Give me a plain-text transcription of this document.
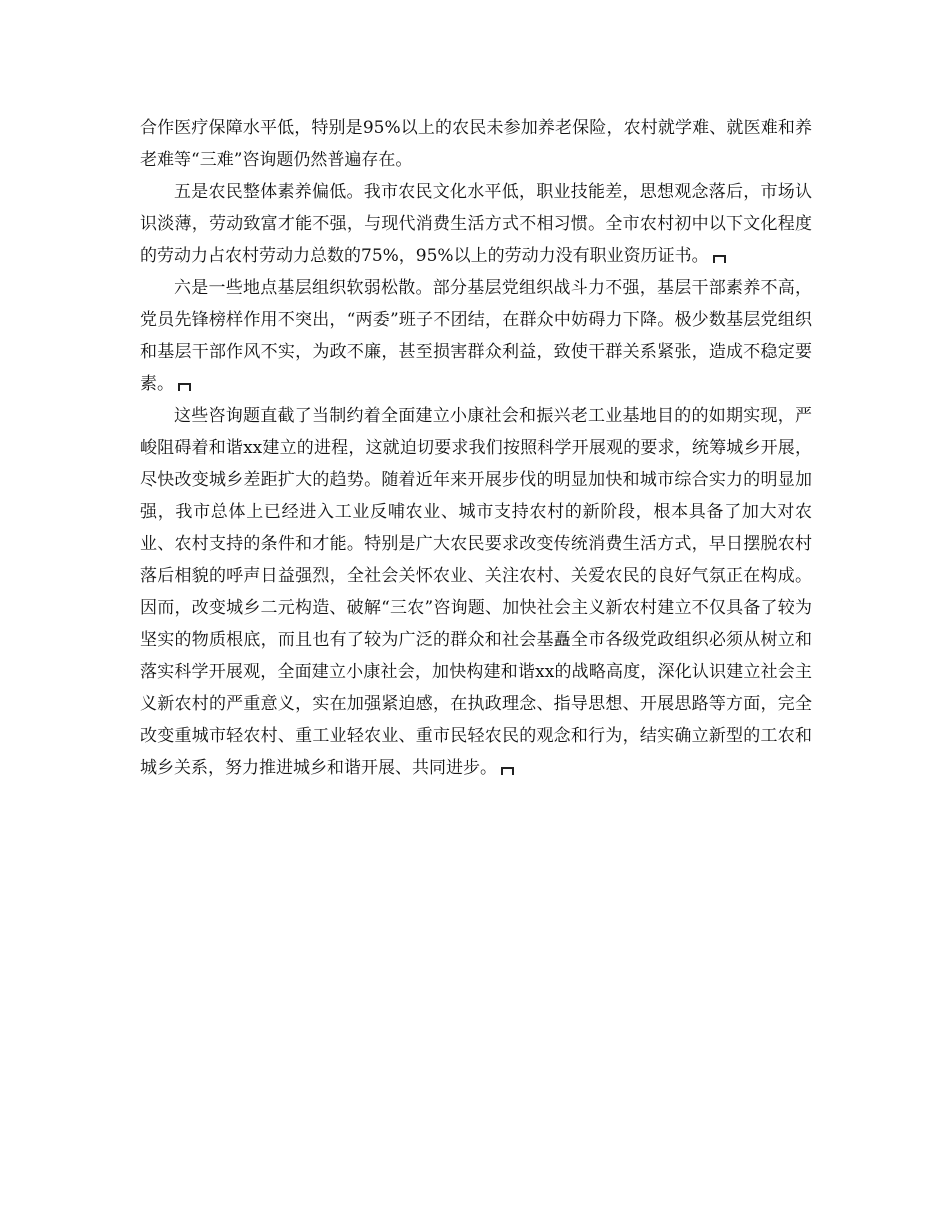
合作医疗保障水平低，特别是95%以上的农民未参加养老保险，农村就学难、就医难和养老难等“三难”咨询题仍然普遍存在。

五是农民整体素养偏低。我市农民文化水平低，职业技能差，思想观念落后，市场认识淡薄，劳动致富才能不强，与现代消费生活方式不相习惯。全市农村初中以下文化程度的劳动力占农村劳动力总数的75%，95%以上的劳动力没有职业资历证书。

六是一些地点基层组织软弱松散。部分基层党组织战斗力不强，基层干部素养不高，党员先锋榜样作用不突出，“两委”班子不团结，在群众中妨碍力下降。极少数基层党组织和基层干部作风不实，为政不廉，甚至损害群众利益，致使干群关系紧张，造成不稳定要素。

这些咨询题直截了当制约着全面建立小康社会和振兴老工业基地目的的如期实现，严峻阻碍着和谐xx建立的进程，这就迫切要求我们按照科学开展观的要求，统筹城乡开展，尽快改变城乡差距扩大的趋势。随着近年来开展步伐的明显加快和城市综合实力的明显加强，我市总体上已经进入工业反哺农业、城市支持农村的新阶段，根本具备了加大对农业、农村支持的条件和才能。特别是广大农民要求改变传统消费生活方式，早日摆脱农村落后相貌的呼声日益强烈，全社会关怀农业、关注农村、关爱农民的良好气氛正在构成。因而，改变城乡二元构造、破解“三农”咨询题、加快社会主义新农村建立不仅具备了较为坚实的物质根底，而且也有了较为广泛的群众和社会基矗全市各级党政组织必须从树立和落实科学开展观，全面建立小康社会，加快构建和谐xx的战略高度，深化认识建立社会主义新农村的严重意义，实在加强紧迫感，在执政理念、指导思想、开展思路等方面，完全改变重城市轻农村、重工业轻农业、重市民轻农民的观念和行为，结实确立新型的工农和城乡关系，努力推进城乡和谐开展、共同进步。
